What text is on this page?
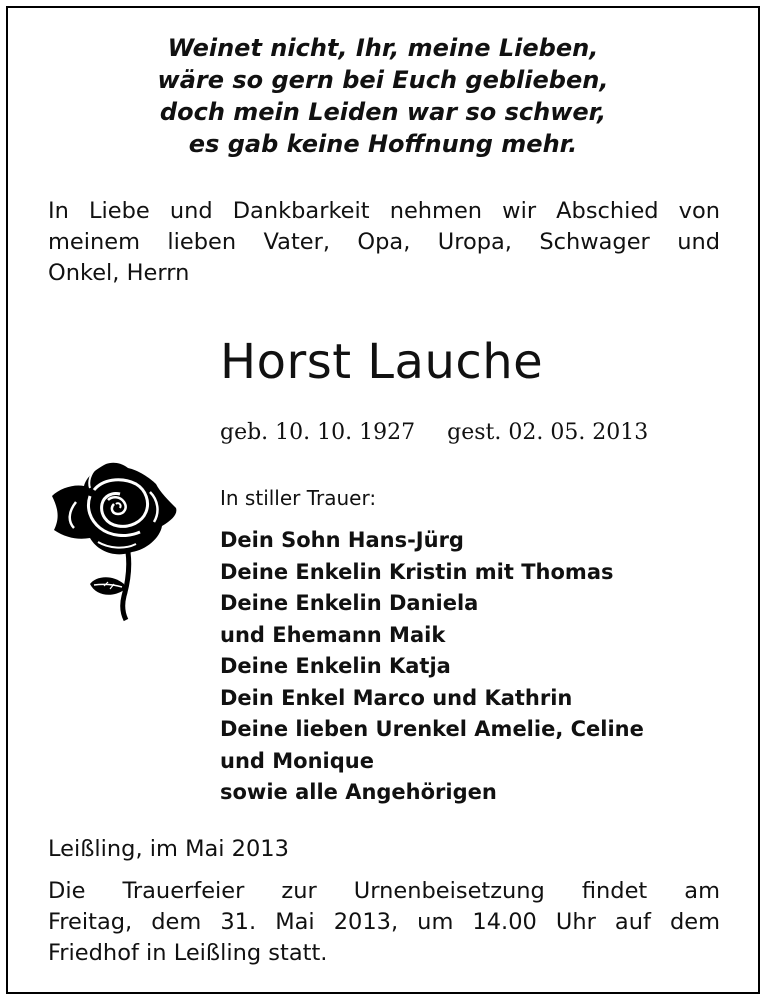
Weinet nicht, Ihr, meine Lieben,
wäre so gern bei Euch geblieben,
doch mein Leiden war so schwer,
es gab keine Hoffnung mehr.
In Liebe und Dankbarkeit nehmen wir Abschied von
meinem lieben Vater, Opa, Uropa, Schwager und
Onkel, Herrn
Horst Lauche
geb. 10. 10. 1927 gest. 02. 05. 2013
In stiller Trauer:
Dein Sohn Hans-Jürg
Deine Enkelin Kristin mit Thomas
Deine Enkelin Daniela
und Ehemann Maik
Deine Enkelin Katja
Dein Enkel Marco und Kathrin
Deine lieben Urenkel Amelie, Celine
und Monique
sowie alle Angehörigen
Leißling, im Mai 2013
Die Trauerfeier zur Urnenbeisetzung findet am
Freitag, dem 31. Mai 2013, um 14.00 Uhr auf dem
Friedhof in Leißling statt.
